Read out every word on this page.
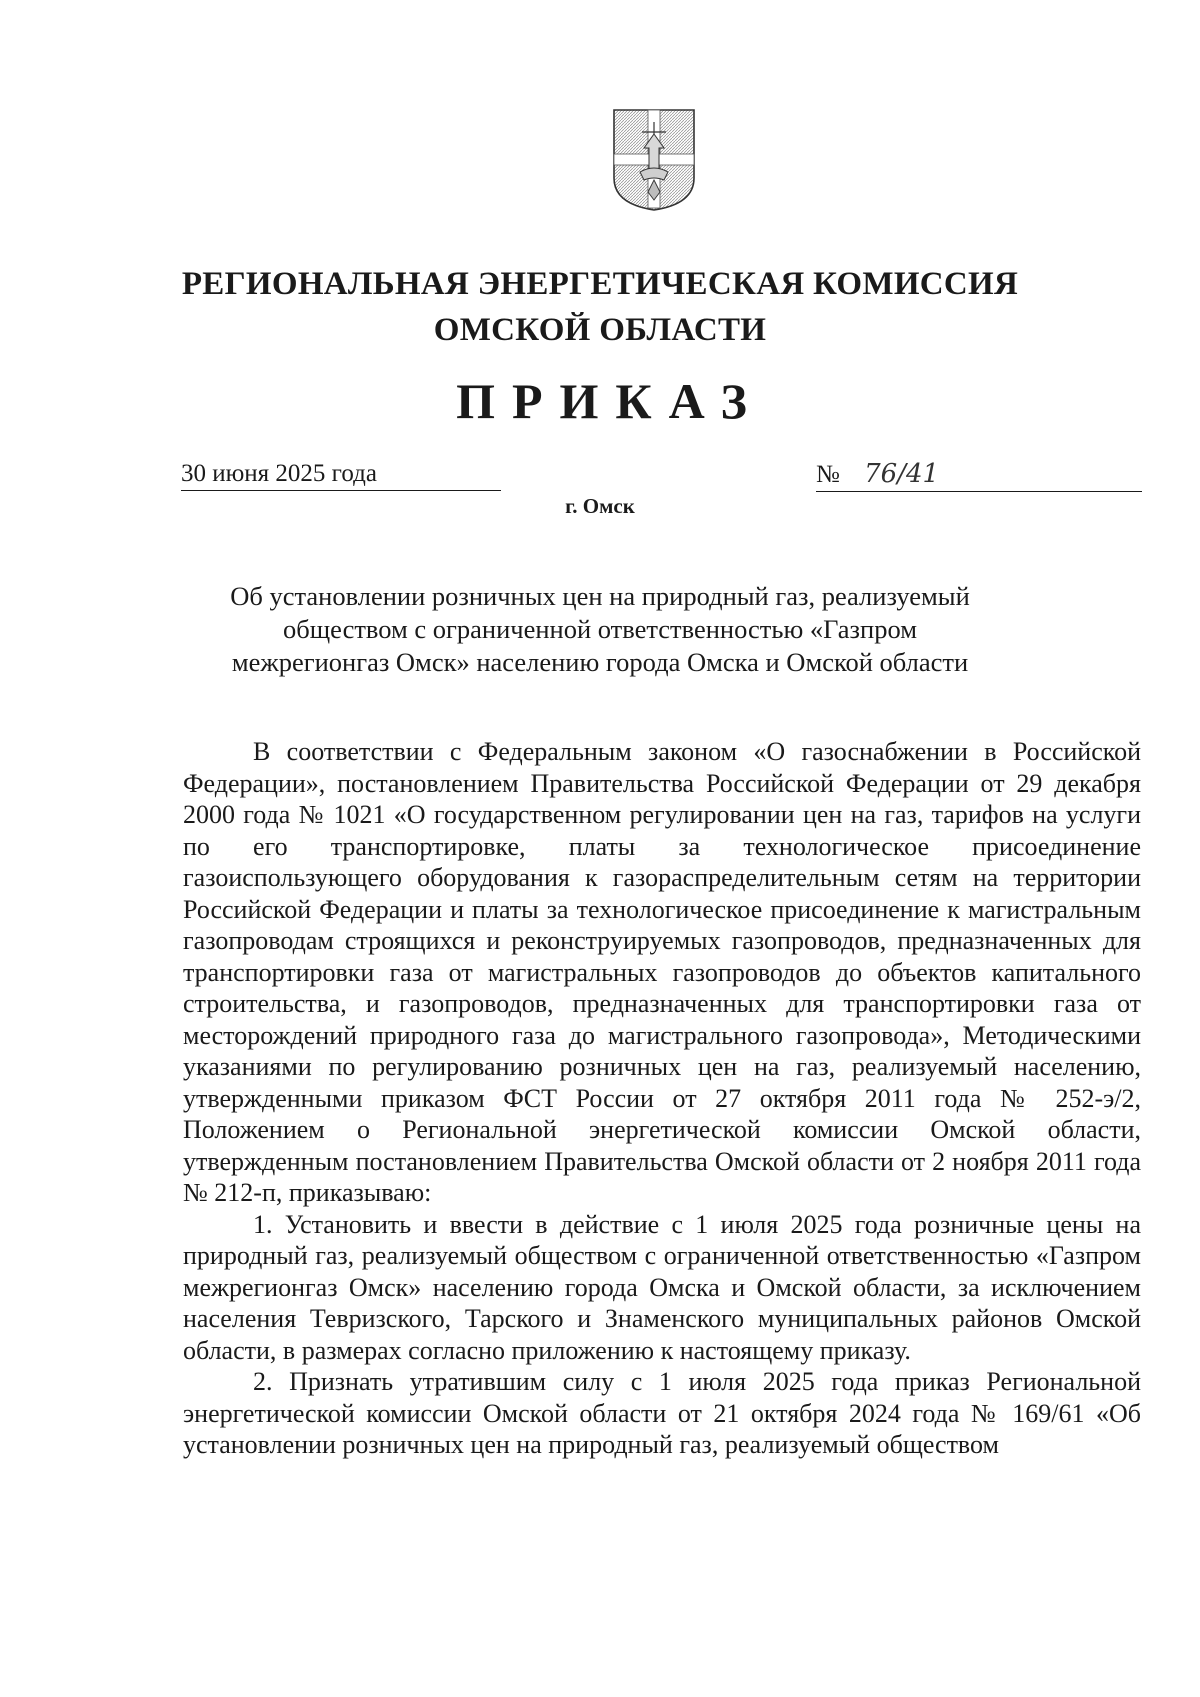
РЕГИОНАЛЬНАЯ ЭНЕРГЕТИЧЕСКАЯ КОМИССИЯ
ОМСКОЙ ОБЛАСТИ
ПРИКАЗ
30 июня 2025 года	№ 76/41
г. Омск

Об установлении розничных цен на природный газ, реализуемый обществом с ограниченной ответственностью «Газпром межрегионгаз Омск» населению города Омска и Омской области

В соответствии с Федеральным законом «О газоснабжении в Российской Федерации», постановлением Правительства Российской Федерации от 29 декабря 2000 года № 1021 «О государственном регулировании цен на газ, тарифов на услуги по его транспортировке, платы за технологическое присоединение газоиспользующего оборудования к газораспределительным сетям на территории Российской Федерации и платы за технологическое присоединение к магистральным газопроводам строящихся и реконструируемых газопроводов, предназначенных для транспортировки газа от магистральных газопроводов до объектов капитального строительства, и газопроводов, предназначенных для транспортировки газа от месторождений природного газа до магистрального газопровода», Методическими указаниями по регулированию розничных цен на газ, реализуемый населению, утвержденными приказом ФСТ России от 27 октября 2011 года № 252-э/2, Положением о Региональной энергетической комиссии Омской области, утвержденным постановлением Правительства Омской области от 2 ноября 2011 года № 212-п, приказываю:

1. Установить и ввести в действие с 1 июля 2025 года розничные цены на природный газ, реализуемый обществом с ограниченной ответственностью «Газпром межрегионгаз Омск» населению города Омска и Омской области, за исключением населения Тевризского, Тарского и Знаменского муниципальных районов Омской области, в размерах согласно приложению к настоящему приказу.

2. Признать утратившим силу с 1 июля 2025 года приказ Региональной энергетической комиссии Омской области от 21 октября 2024 года № 169/61 «Об установлении розничных цен на природный газ, реализуемый обществом
